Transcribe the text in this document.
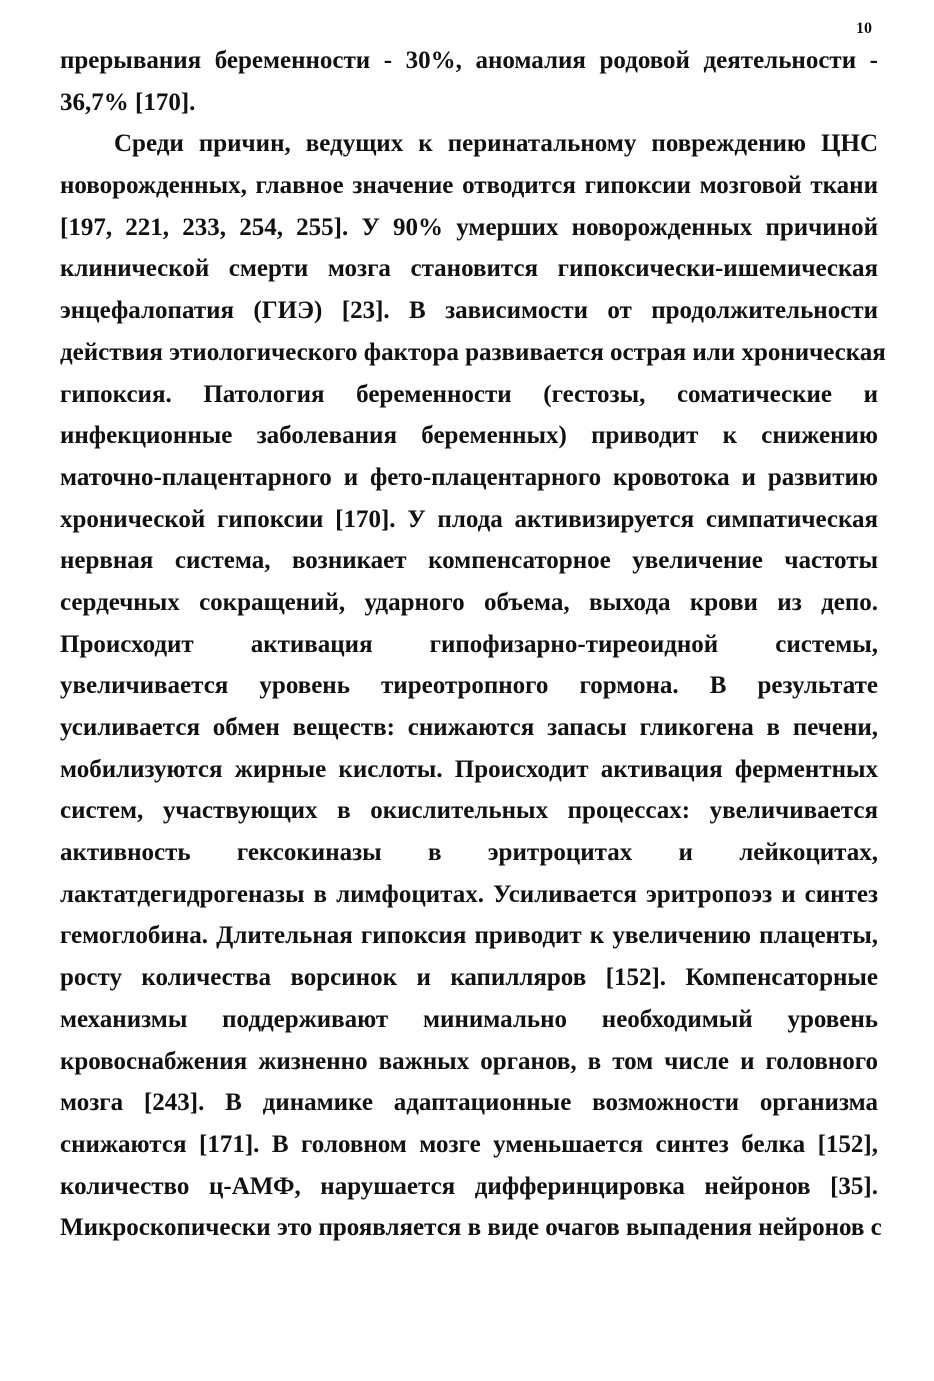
10
прерывания беременности - 30%, аномалия родовой деятельности -
36,7% [170].
Среди причин, ведущих к перинатальному повреждению ЦНС
новорожденных, главное значение отводится гипоксии мозговой ткани
[197, 221, 233, 254, 255]. У 90% умерших новорожденных причиной
клинической смерти мозга становится гипоксически-ишемическая
энцефалопатия (ГИЭ) [23]. В зависимости от продолжительности
действия этиологического фактора развивается острая или хроническая
гипоксия. Патология беременности (гестозы, соматические и
инфекционные заболевания беременных) приводит к снижению
маточно-плацентарного и фето-плацентарного кровотока и развитию
хронической гипоксии [170]. У плода активизируется симпатическая
нервная система, возникает компенсаторное увеличение частоты
сердечных сокращений, ударного объема, выхода крови из депо.
Происходит активация гипофизарно-тиреоидной системы,
увеличивается уровень тиреотропного гормона. В результате
усиливается обмен веществ: снижаются запасы гликогена в печени,
мобилизуются жирные кислоты. Происходит активация ферментных
систем, участвующих в окислительных процессах: увеличивается
активность гексокиназы в эритроцитах и лейкоцитах,
лактатдегидрогеназы в лимфоцитах. Усиливается эритропоэз и синтез
гемоглобина. Длительная гипоксия приводит к увеличению плаценты,
росту количества ворсинок и капилляров [152]. Компенсаторные
механизмы поддерживают минимально необходимый уровень
кровоснабжения жизненно важных органов, в том числе и головного
мозга [243]. В динамике адаптационные возможности организма
снижаются [171]. В головном мозге уменьшается синтез белка [152],
количество ц-АМФ, нарушается дифферинцировка нейронов [35].
Микроскопически это проявляется в виде очагов выпадения нейронов с
